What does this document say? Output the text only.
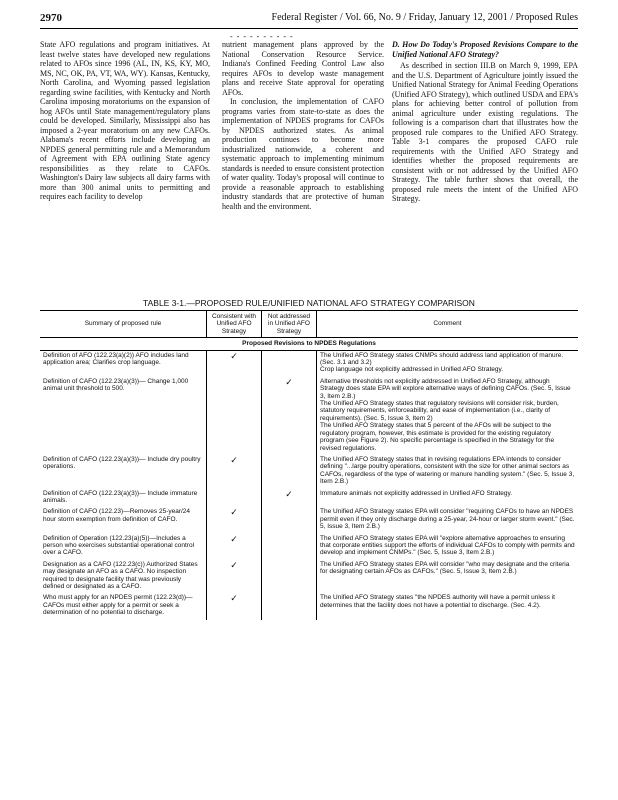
2970	Federal Register / Vol. 66, No. 9 / Friday, January 12, 2001 / Proposed Rules
- - - - - - - - - -

State AFO regulations and program initiatives. At least twelve states have developed new regulations related to AFOs since 1996 (AL, IN, KS, KY, MO, MS, NC, OK, PA, VT, WA, WY). Kansas, Kentucky, North Carolina, and Wyoming passed legislation regarding swine facilities, with Kentucky and North Carolina imposing moratoriums on the expansion of hog AFOs until State management/regulatory plans could be developed. Similarly, Mississippi also has imposed a 2-year moratorium on any new CAFOs. Alabama's recent efforts include developing an NPDES general permitting rule and a Memorandum of Agreement with EPA outlining State agency responsibilities as they relate to CAFOs. Washington's Dairy law subjects all dairy farms with more than 300 animal units to permitting and requires each facility to develop

nutrient management plans approved by the National Conservation Resource Service. Indiana's Confined Feeding Control Law also requires AFOs to develop waste management plans and receive State approval for operating AFOs.

In conclusion, the implementation of CAFO programs varies from state-to-state as does the implementation of NPDES programs for CAFOs by NPDES authorized states. As animal production continues to become more industrialized nationwide, a coherent and systematic approach to implementing minimum standards is needed to ensure consistent protection of water quality. Today's proposal will continue to provide a reasonable approach to establishing industry standards that are protective of human health and the environment.

D. How Do Today's Proposed Revisions Compare to the Unified National AFO Strategy?

As described in section III.B on March 9, 1999, EPA and the U.S. Department of Agriculture jointly issued the Unified National Strategy for Animal Feeding Operations (Unified AFO Strategy), which outlined USDA and EPA's plans for achieving better control of pollution from animal agriculture under existing regulations. The following is a comparison chart that illustrates how the proposed rule compares to the Unified AFO Strategy. Table 3-1 compares the proposed CAFO rule requirements with the Unified AFO Strategy and identifies whether the proposed requirements are consistent with or not addressed by the Unified AFO Strategy. The table further shows that overall, the proposed rule meets the intent of the Unified AFO Strategy.

TABLE 3-1.—PROPOSED RULE/UNIFIED NATIONAL AFO STRATEGY COMPARISON
Summary of proposed rule	Consistent with Unified AFO Strategy	Not addressed in Unified AFO Strategy	Comment
Proposed Revisions to NPDES Regulations			
Definition of AFO (122.23(a)(2)) AFO includes land application area; Clarifies crop language.	✓		The Unified AFO Strategy states CNMPs should address land application of manure. (Sec. 3.1 and 3.2)
Crop language not explicitly addressed in Unified AFO Strategy.
Definition of CAFO (122.23(a)(3))— Change 1,000 animal unit threshold to 500.		✓	Alternative thresholds not explicitly addressed in Unified AFO Strategy, although Strategy does state EPA will explore alternative ways of defining CAFOs. (Sec. 5, Issue 3, Item 2.B.)
The Unified AFO Strategy states that regulatory revisions will consider risk, burden, statutory requirements, enforceability, and ease of implementation (i.e., clarity of requirements). (Sec. 5, Issue 3, Item 2)
The Unified AFO Strategy states that 5 percent of the AFOs will be subject to the regulatory program, however, this estimate is provided for the existing regulatory program (see Figure 2). No specific percentage is specified in the Strategy for the revised regulations.
Definition of CAFO (122.23(a)(3))— Include dry poultry operations.	✓		The Unified AFO Strategy states that in revising regulations EPA intends to consider defining "...large poultry operations, consistent with the size for other animal sectors as CAFOs, regardless of the type of watering or manure handling system." (Sec. 5, Issue 3, Item 2.B.)
Definition of CAFO (122.23(a)(3))— Include immature animals.		✓	Immature animals not explicitly addressed in Unified AFO Strategy.
Definition of CAFO (122.23)—Removes 25-year/24 hour storm exemption from definition of CAFO.	✓		The Unified AFO Strategy states EPA will consider "requiring CAFOs to have an NPDES permit even if they only discharge during a 25-year, 24-hour or larger storm event." (Sec. 5, Issue 3, Item 2.B.)
Definition of Operation (122.23(a)(5))—Includes a person who exercises substantial operational control over a CAFO.	✓		The Unified AFO Strategy states EPA will "explore alternative approaches to ensuring that corporate entities support the efforts of individual CAFOs to comply with permits and develop and implement CNMPs." (Sec. 5, Issue 3, Item 2.B.)
Designation as a CAFO (122.23(c)) Authorized States may designate an AFO as a CAFO. No inspection required to designate facility that was previously defined or designated as a CAFO.	✓		The Unified AFO Strategy states EPA will consider "who may designate and the criteria for designating certain AFOs as CAFOs." (Sec. 5, Issue 3, Item 2.B.)
Who must apply for an NPDES permit (122.23(d))—CAFOs must either apply for a permit or seek a determination of no potential to discharge.	✓		The Unified AFO Strategy states "the NPDES authority will have a permit unless it determines that the facility does not have a potential to discharge. (Sec. 4.2).
